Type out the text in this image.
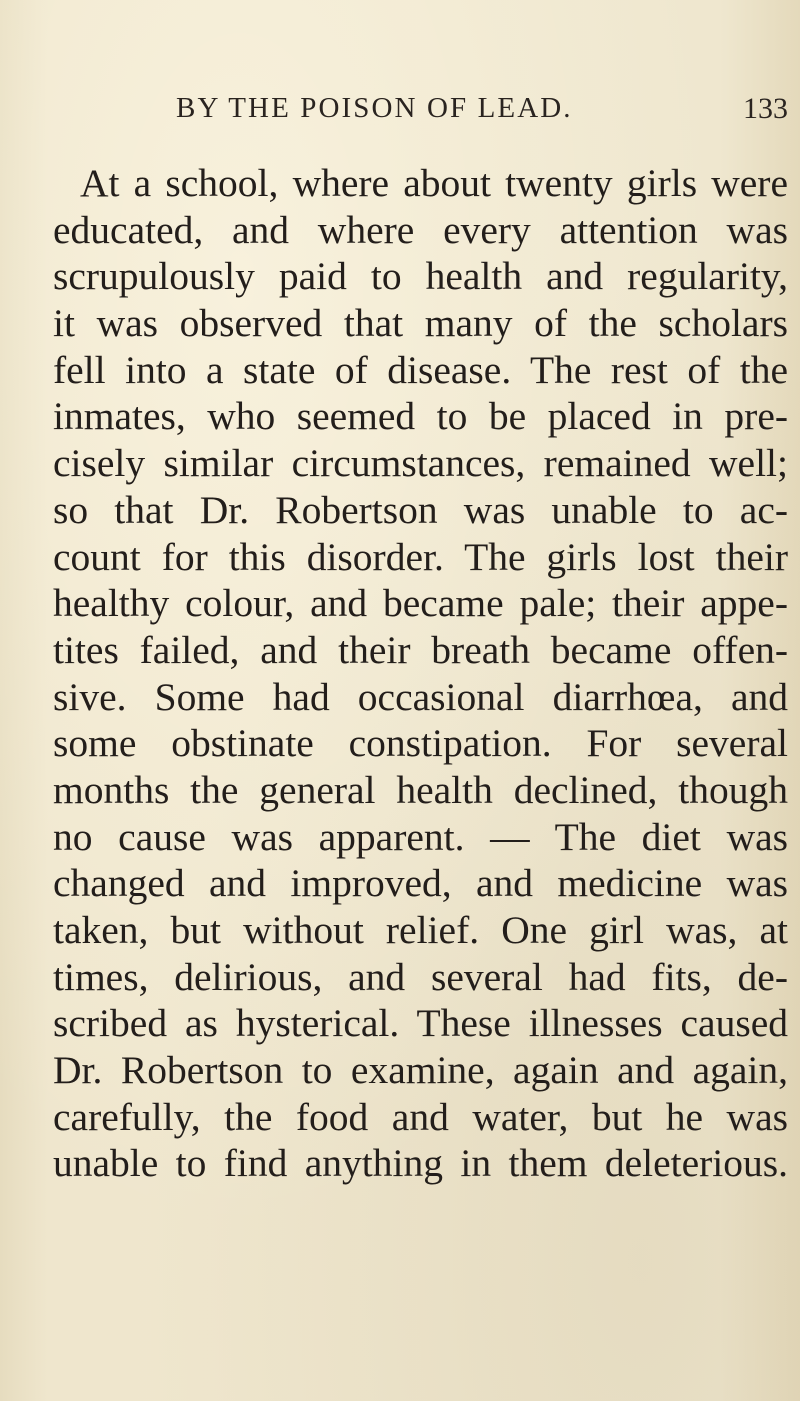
BY THE POISON OF LEAD.	133
At a school, where about twenty girls were
educated, and where every attention was
scrupulously paid to health and regularity,
it was observed that many of the scholars
fell into a state of disease. The rest of the
inmates, who seemed to be placed in pre-
cisely similar circumstances, remained well;
so that Dr. Robertson was unable to ac-
count for this disorder. The girls lost their
healthy colour, and became pale; their appe-
tites failed, and their breath became offen-
sive. Some had occasional diarrhœa, and
some obstinate constipation. For several
months the general health declined, though
no cause was apparent. — The diet was
changed and improved, and medicine was
taken, but without relief. One girl was, at
times, delirious, and several had fits, de-
scribed as hysterical. These illnesses caused
Dr. Robertson to examine, again and again,
carefully, the food and water, but he was
unable to find anything in them deleterious.
